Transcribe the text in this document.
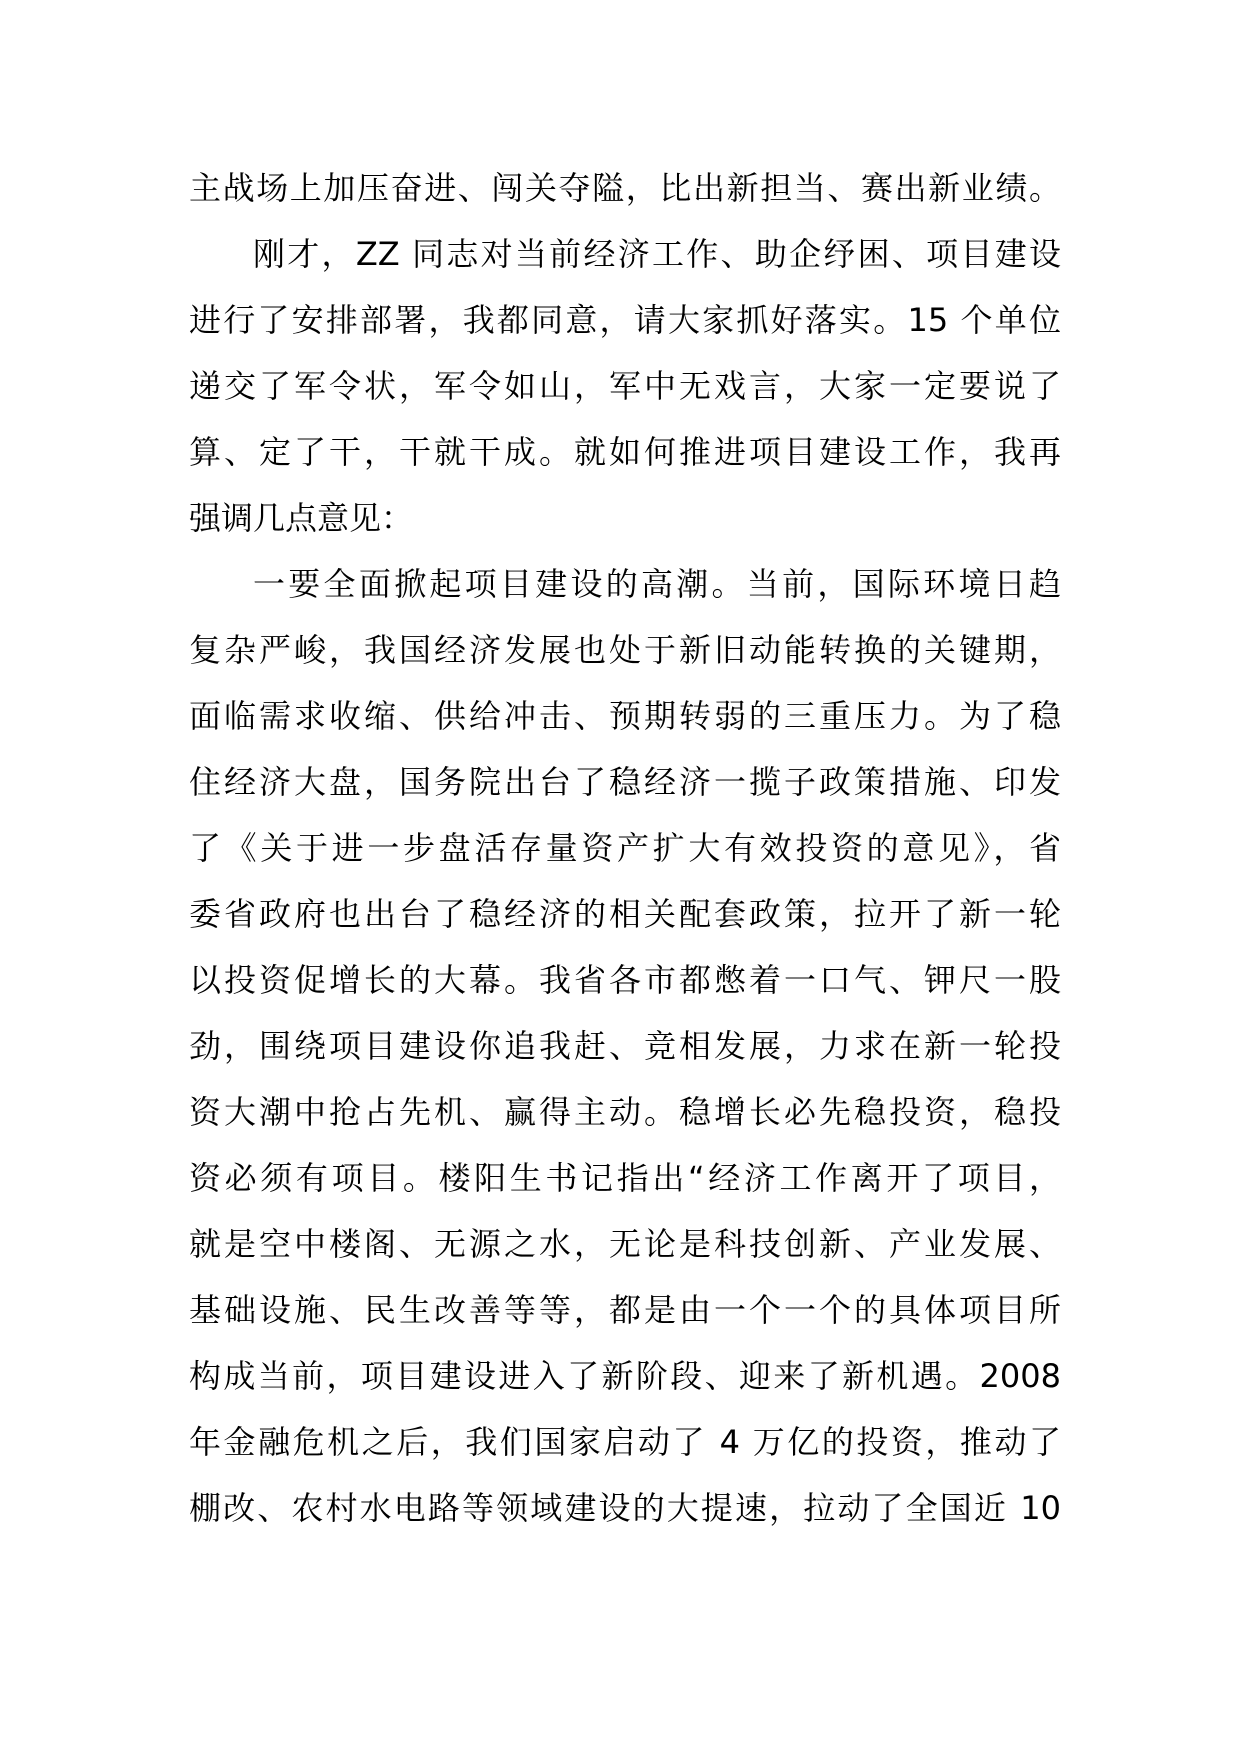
主战场上加压奋进、闯关夺隘，比出新担当、赛出新业绩。
刚才，ZZ 同志对当前经济工作、助企纾困、项目建设
进行了安排部署，我都同意，请大家抓好落实。15 个单位
递交了军令状，军令如山，军中无戏言，大家一定要说了
算、定了干，干就干成。就如何推进项目建设工作，我再
强调几点意见：
一要全面掀起项目建设的高潮。当前，国际环境日趋
复杂严峻，我国经济发展也处于新旧动能转换的关键期，
面临需求收缩、供给冲击、预期转弱的三重压力。为了稳
住经济大盘，国务院出台了稳经济一揽子政策措施、印发
了《关于进一步盘活存量资产扩大有效投资的意见》，省
委省政府也出台了稳经济的相关配套政策，拉开了新一轮
以投资促增长的大幕。我省各市都憋着一口气、钾尺一股
劲，围绕项目建设你追我赶、竞相发展，力求在新一轮投
资大潮中抢占先机、赢得主动。稳增长必先稳投资，稳投
资必须有项目。楼阳生书记指出“经济工作离开了项目，
就是空中楼阁、无源之水，无论是科技创新、产业发展、
基础设施、民生改善等等，都是由一个一个的具体项目所
构成当前，项目建设进入了新阶段、迎来了新机遇。2008
年金融危机之后，我们国家启动了 4 万亿的投资，推动了
棚改、农村水电路等领域建设的大提速，拉动了全国近 10
